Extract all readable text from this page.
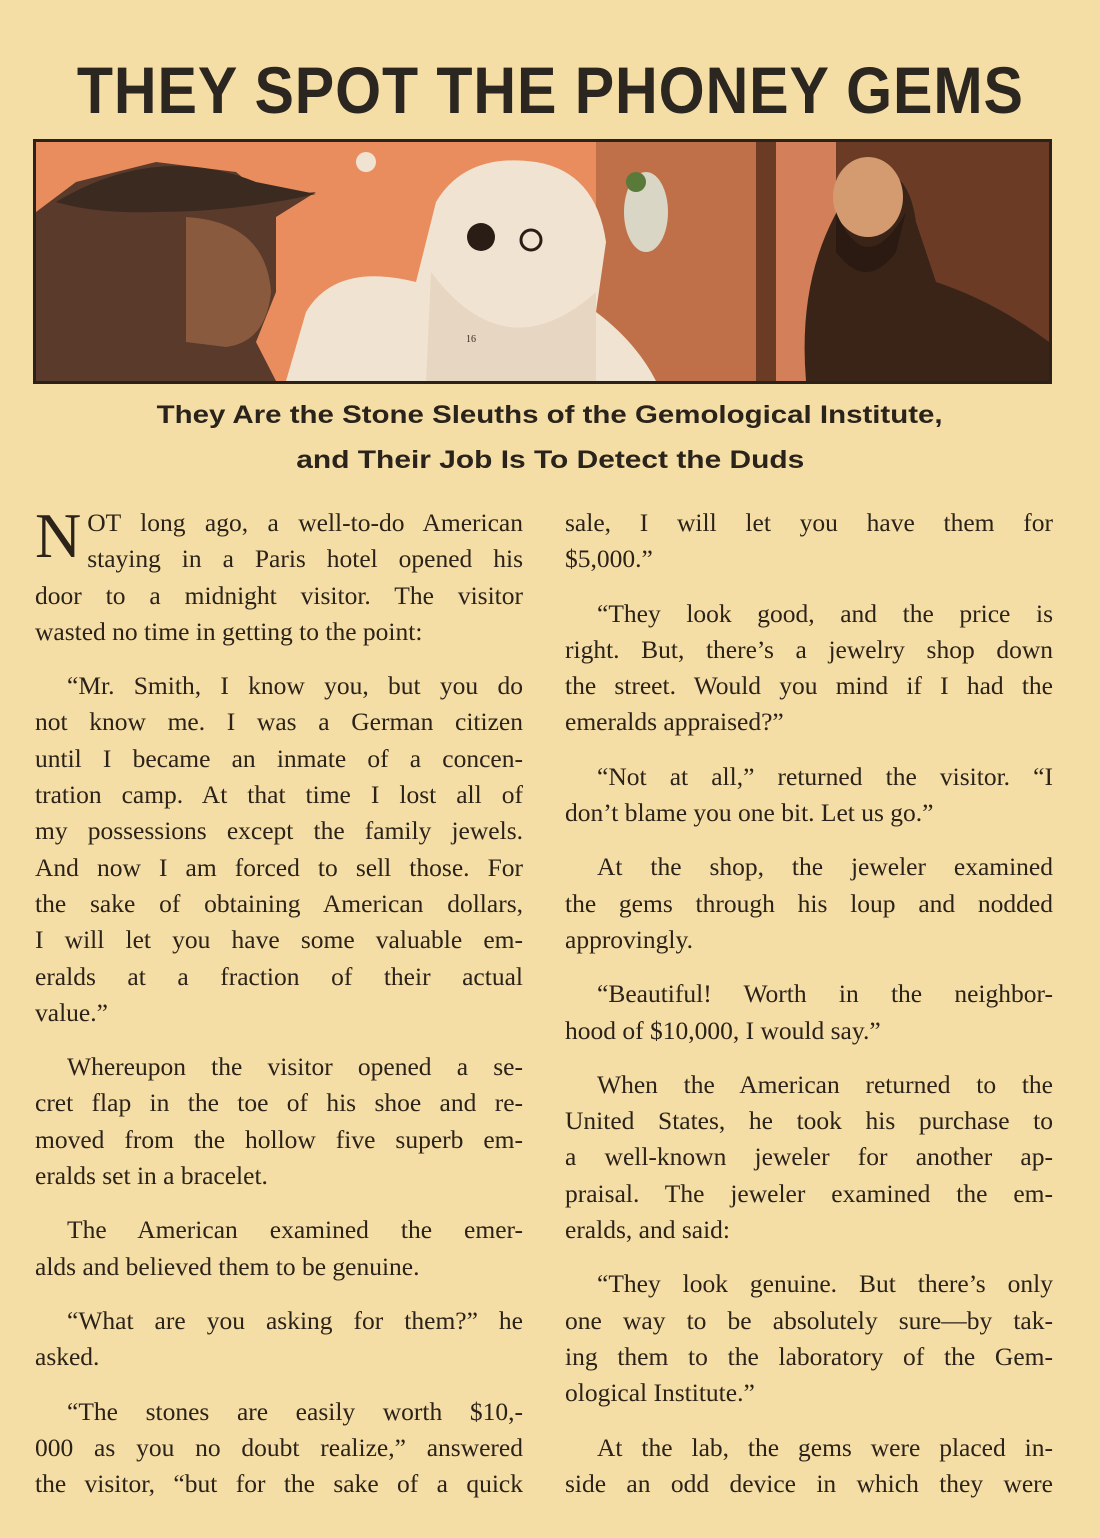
THEY SPOT THE PHONEY GEMS
16
They Are the Stone Sleuths of the Gemological Institute,
and Their Job Is To Detect the Duds
N OT long ago, a well-to-do American
staying in a Paris hotel opened his
door to a midnight visitor. The visitor
wasted no time in getting to the point:
“Mr. Smith, I know you, but you do
not know me. I was a German citizen
until I became an inmate of a concen-
tration camp. At that time I lost all of
my possessions except the family jewels.
And now I am forced to sell those. For
the sake of obtaining American dollars,
I will let you have some valuable em-
eralds at a fraction of their actual
value.”
Whereupon the visitor opened a se-
cret flap in the toe of his shoe and re-
moved from the hollow five superb em-
eralds set in a bracelet.
The American examined the emer-
alds and believed them to be genuine.
“What are you asking for them?” he
asked.
“The stones are easily worth $10,-
000 as you no doubt realize,” answered
the visitor, “but for the sake of a quick
sale, I will let you have them for
$5,000.”
“They look good, and the price is
right. But, there’s a jewelry shop down
the street. Would you mind if I had the
emeralds appraised?”
“Not at all,” returned the visitor. “I
don’t blame you one bit. Let us go.”
At the shop, the jeweler examined
the gems through his loup and nodded
approvingly.
“Beautiful! Worth in the neighbor-
hood of $10,000, I would say.”
When the American returned to the
United States, he took his purchase to
a well-known jeweler for another ap-
praisal. The jeweler examined the em-
eralds, and said:
“They look genuine. But there’s only
one way to be absolutely sure—by tak-
ing them to the laboratory of the Gem-
ological Institute.”
At the lab, the gems were placed in-
side an odd device in which they were
